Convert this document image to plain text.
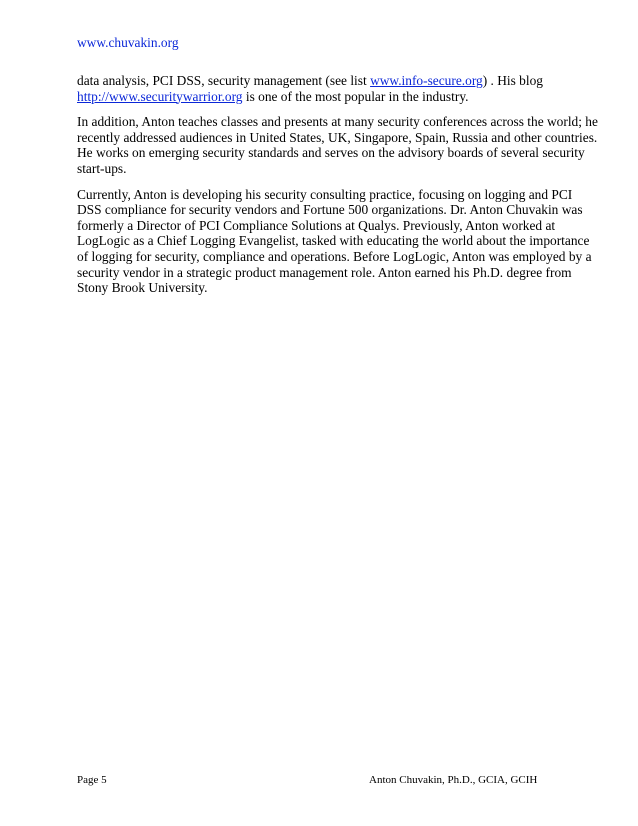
www.chuvakin.org

data analysis, PCI DSS, security management (see list www.info-secure.org) . His blog
http://www.securitywarrior.org is one of the most popular in the industry.

In addition, Anton teaches classes and presents at many security conferences across the world; he
recently addressed audiences in United States, UK, Singapore, Spain, Russia and other countries.
He works on emerging security standards and serves on the advisory boards of several security
start-ups.

Currently, Anton is developing his security consulting practice, focusing on logging and PCI
DSS compliance for security vendors and Fortune 500 organizations. Dr. Anton Chuvakin was
formerly a Director of PCI Compliance Solutions at Qualys. Previously, Anton worked at
LogLogic as a Chief Logging Evangelist, tasked with educating the world about the importance
of logging for security, compliance and operations. Before LogLogic, Anton was employed by a
security vendor in a strategic product management role. Anton earned his Ph.D. degree from
Stony Brook University.

Page 5	Anton Chuvakin, Ph.D., GCIA, GCIH
